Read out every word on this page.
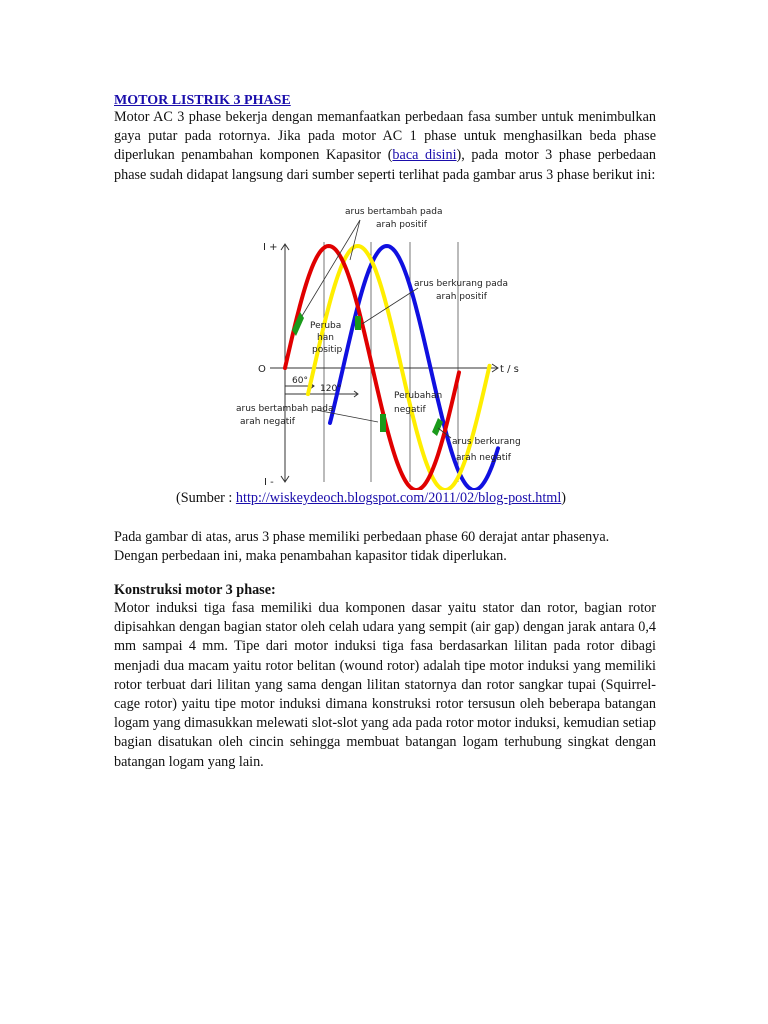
MOTOR LISTRIK 3 PHASE

Motor AC 3 phase bekerja dengan memanfaatkan perbedaan fasa sumber untuk menimbulkan gaya putar pada rotornya. Jika pada motor AC 1 phase untuk menghasilkan beda phase diperlukan penambahan komponen Kapasitor (baca disini), pada motor 3 phase perbedaan phase sudah didapat langsung dari sumber seperti terlihat pada gambar arus 3 phase berikut ini:

I +
I -
O	t / s
60°
120°
arus bertambah pada
arah positif
arus berkurang pada
arah positif
Peruba
han
positip
Perubahan
negatif
arus bertambah pada
arah negatif
arus berkurang
arah negatif
(Sumber : http://wiskeydeoch.blogspot.com/2011/02/blog-post.html)

Pada gambar di atas, arus 3 phase memiliki perbedaan phase 60 derajat antar phasenya. Dengan perbedaan ini, maka penambahan kapasitor tidak diperlukan.

Konstruksi motor 3 phase:

Motor induksi tiga fasa memiliki dua komponen dasar yaitu stator dan rotor, bagian rotor dipisahkan dengan bagian stator oleh celah udara yang sempit (air gap) dengan jarak antara 0,4 mm sampai 4 mm. Tipe dari motor induksi tiga fasa berdasarkan lilitan pada rotor dibagi menjadi dua macam yaitu rotor belitan (wound rotor) adalah tipe motor induksi yang memiliki rotor terbuat dari lilitan yang sama dengan lilitan statornya dan rotor sangkar tupai (Squirrel-cage rotor) yaitu tipe motor induksi dimana konstruksi rotor tersusun oleh beberapa batangan logam yang dimasukkan melewati slot-slot yang ada pada rotor motor induksi, kemudian setiap bagian disatukan oleh cincin sehingga membuat batangan logam terhubung singkat dengan batangan logam yang lain.
